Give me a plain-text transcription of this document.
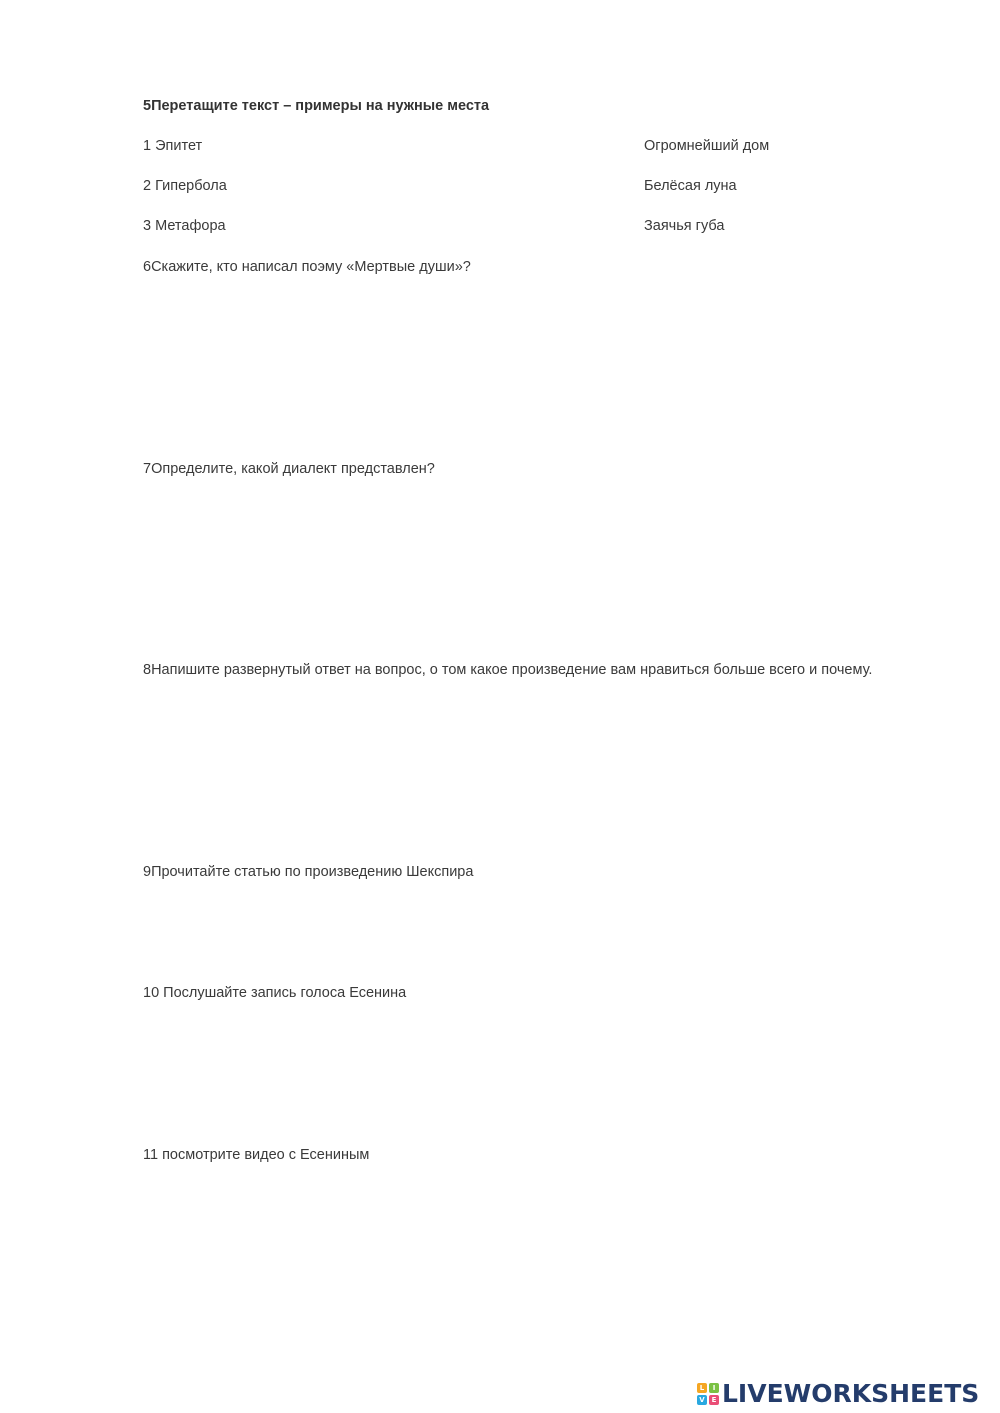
5Перетащите текст – примеры на нужные места
1 Эпитет
2 Гипербола
3 Метафора
Огромнейший дом
Белёсая луна
Заячья губа
6Скажите, кто написал поэму «Мертвые души»?
7Определите, какой диалект представлен?
8Напишите развернутый ответ на вопрос, о том какое произведение вам нравиться больше всего и почему.
9Прочитайте статью по произведению Шекспира
10 Послушайте запись голоса Есенина
11 посмотрите видео с Есениным
L	I
V E LIVEWORKSHEETS
